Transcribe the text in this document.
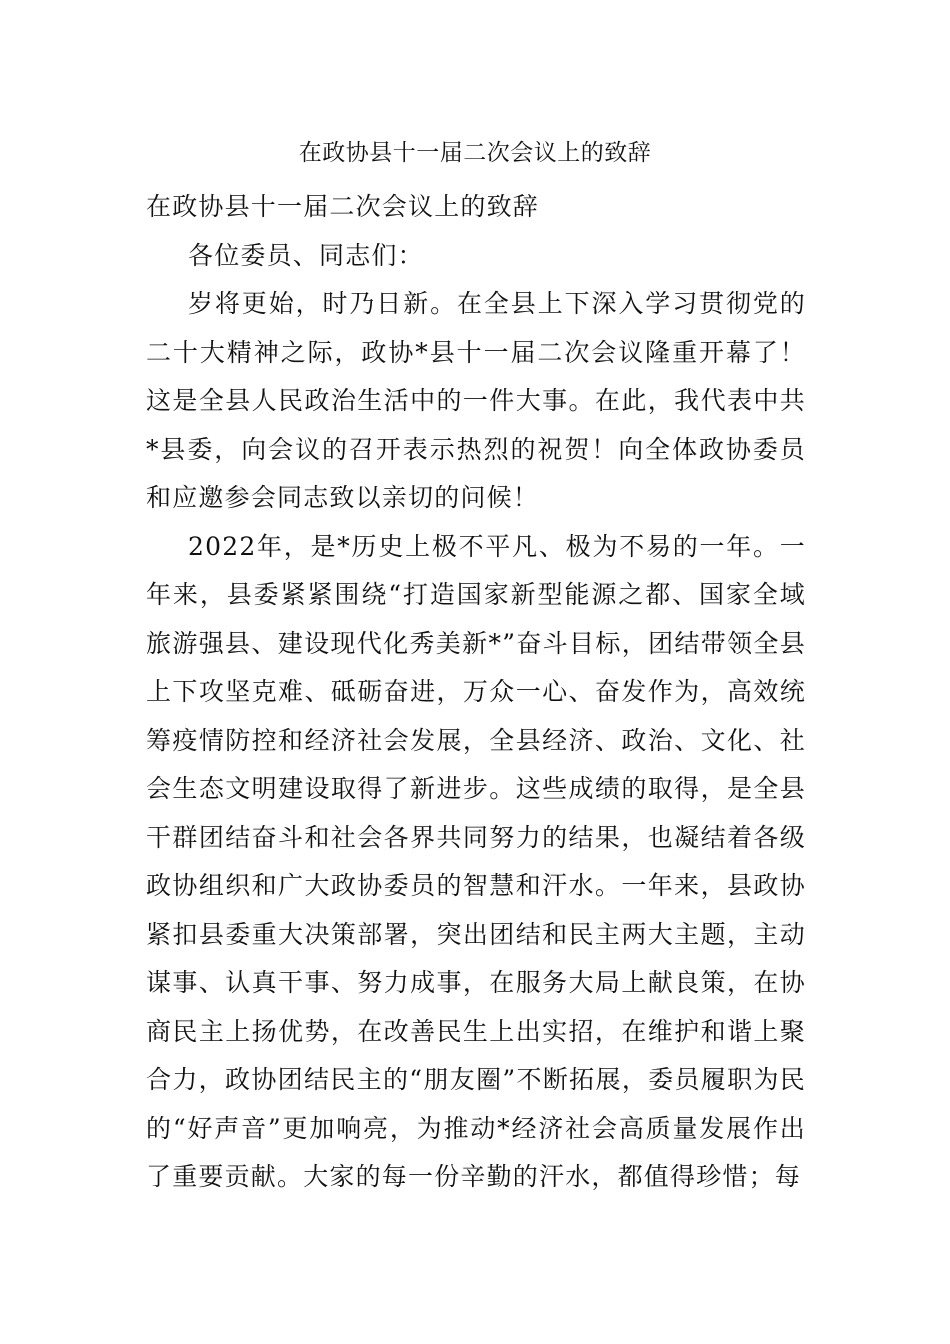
在政协县十一届二次会议上的致辞

在政协县十一届二次会议上的致辞

各位委员、同志们：

岁将更始，时乃日新。在全县上下深入学习贯彻党的二十大精神之际，政协*县十一届二次会议隆重开幕了！这是全县人民政治生活中的一件大事。在此，我代表中共*县委，向会议的召开表示热烈的祝贺！向全体政协委员和应邀参会同志致以亲切的问候！

2022年，是*历史上极不平凡、极为不易的一年。一年来，县委紧紧围绕“打造国家新型能源之都、国家全域旅游强县、建设现代化秀美新*”奋斗目标，团结带领全县上下攻坚克难、砥砺奋进，万众一心、奋发作为，高效统筹疫情防控和经济社会发展，全县经济、政治、文化、社会生态文明建设取得了新进步。这些成绩的取得，是全县干群团结奋斗和社会各界共同努力的结果，也凝结着各级政协组织和广大政协委员的智慧和汗水。一年来，县政协紧扣县委重大决策部署，突出团结和民主两大主题，主动谋事、认真干事、努力成事，在服务大局上献良策，在协商民主上扬优势，在改善民生上出实招，在维护和谐上聚合力，政协团结民主的“朋友圈”不断拓展，委员履职为民的“好声音”更加响亮，为推动*经济社会高质量发展作出了重要贡献。大家的每一份辛勤的汗水，都值得珍惜；每
